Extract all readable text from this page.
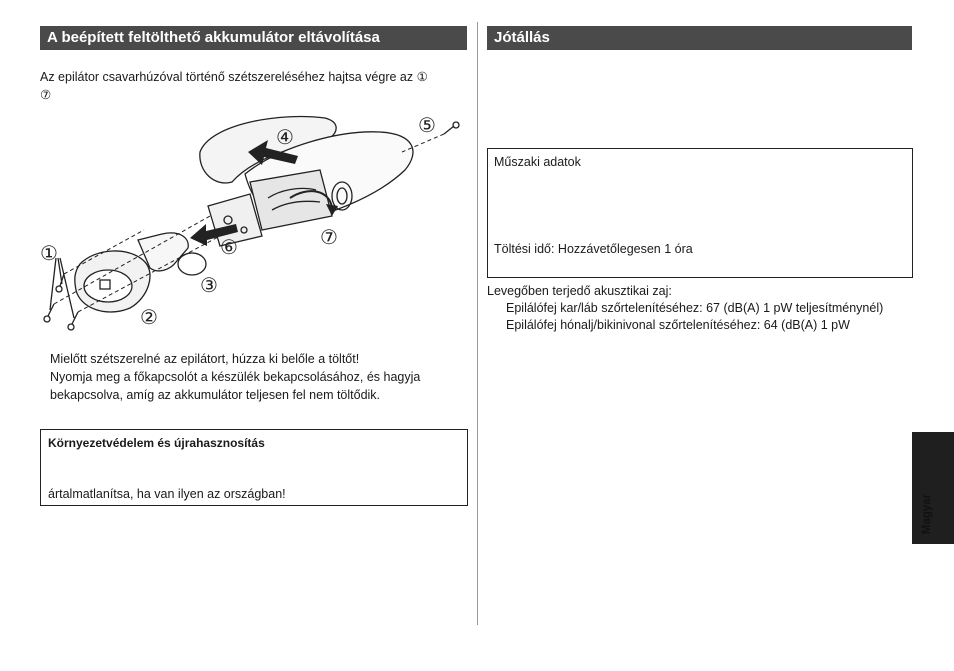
A beépített feltölthető akkumulátor eltávolítása
Az epilátor csavarhúzóval történő szétszereléséhez hajtsa végre az ①
⑦
①
②
③
④
⑤
⑥	⑦
Mielőtt szétszerelné az epilátort, húzza ki belőle a töltőt!
Nyomja meg a főkapcsolót a készülék bekapcsolásához, és hagyja
bekapcsolva, amíg az akkumulátor teljesen fel nem töltődik.
Környezetvédelem és újrahasznosítás
ártalmatlanítsa, ha van ilyen az országban!
Jótállás
Műszaki adatok
Töltési idő: Hozzávetőlegesen 1 óra
Levegőben terjedő akusztikai zaj:
Epilálófej kar/láb szőrtelenítéséhez: 67 (dB(A) 1 pW teljesítménynél)
Epilálófej hónalj/bikinivonal szőrtelenítéséhez: 64 (dB(A) 1 pW
Magyar
